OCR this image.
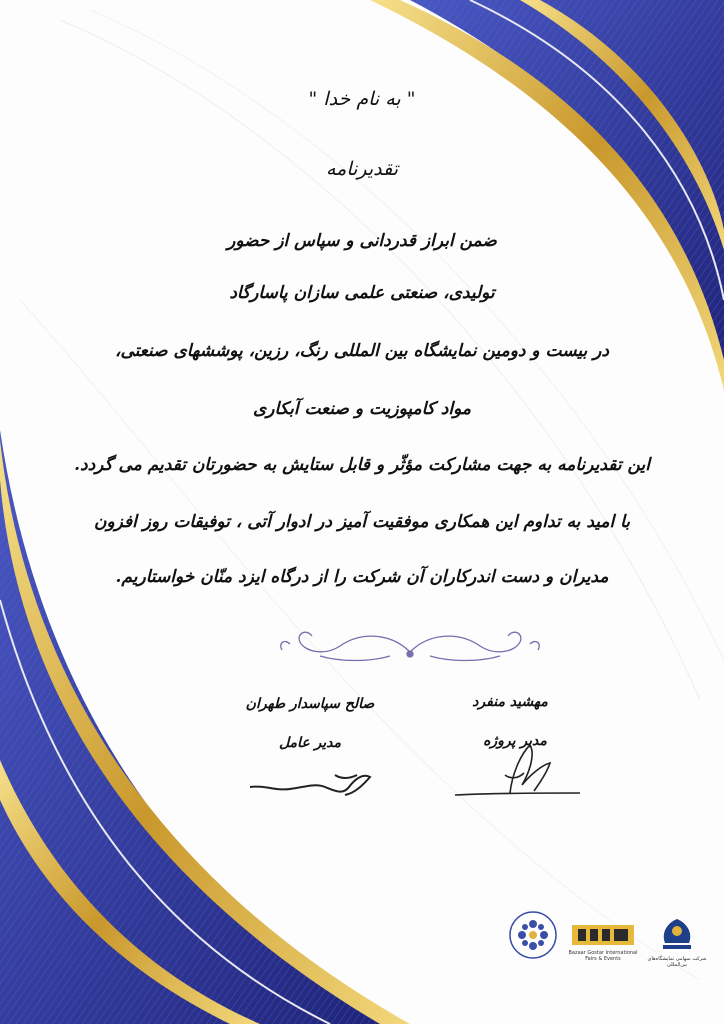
" به نام خدا "
تقدیرنامه
ضمن ابراز قدردانی و سپاس از حضور
تولیدی، صنعتی علمی سازان پاسارگاد
در بیست و دومین نمایشگاه بین المللی رنگ، رزین، پوششهای صنعتی،
مواد کامپوزیت و صنعت آبکاری
این تقدیرنامه به جهت مشارکت مؤثّر و قابل ستایش به حضورتان تقدیم می گردد.
با امید به تداوم این همکاری موفقیت آمیز در ادوار آتی ، توفیقات روز افزون
مدیران و دست اندرکاران آن شرکت را از درگاه ایزد منّان خواستاریم.
مهشید منفرد
مدیر پروژه
صالح سپاسدار طهران
مدیر عامل
Bazaar Gostar International Fairs & Events	شرکت سهامی نمایشگاه‌های بین‌المللی
